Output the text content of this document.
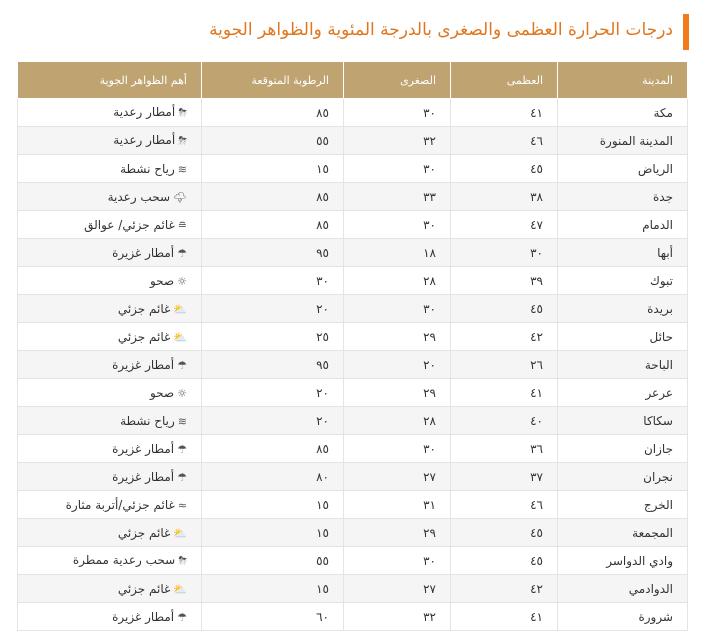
درجات الحرارة العظمى والصغرى بالدرجة المئوية والظواهر الجوية
المدينة	العظمى	الصغرى	الرطوبة المتوقعة	أهم الظواهر الجوية
مكة	٤١	٣٠	٨٥	⛈أمطار رعدية
المدينة المنورة	٤٦	٣٢	٥٥	⛈أمطار رعدية
الرياض	٤٥	٣٠	١٥	≋رياح نشطة
جدة	٣٨	٣٣	٨٥	🌩سحب رعدية
الدمام	٤٧	٣٠	٨٥	≘غائم جزئي/ عوالق
أبها	٣٠	١٨	٩٥	☂أمطار غزيرة
تبوك	٣٩	٢٨	٣٠	☼صحو
بريدة	٤٥	٣٠	٢٠	⛅غائم جزئي
حائل	٤٢	٢٩	٢٥	⛅غائم جزئي
الباحة	٢٦	٢٠	٩٥	☂أمطار غزيرة
عرعر	٤١	٢٩	٢٠	☼صحو
سكاكا	٤٠	٢٨	٢٠	≋رياح نشطة
جازان	٣٦	٣٠	٨٥	☂أمطار غزيرة
نجران	٣٧	٢٧	٨٠	☂أمطار غزيرة
الخرج	٤٦	٣١	١٥	≈غائم جزئي/أتربة مثارة
المجمعة	٤٥	٢٩	١٥	⛅غائم جزئي
وادي الدواسر	٤٥	٣٠	٥٥	⛈سحب رعدية ممطرة
الدوادمي	٤٢	٢٧	١٥	⛅غائم جزئي
شرورة	٤١	٣٢	٦٠	☂أمطار غزيرة
